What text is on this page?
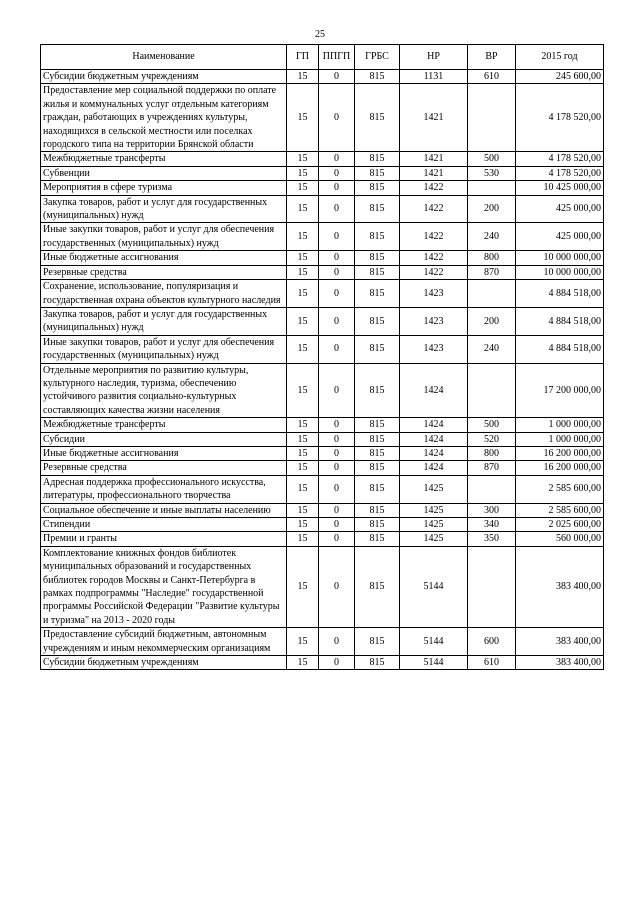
25
Наименование	ГП	ППГП	ГРБС	НР	ВР	2015 год
Субсидии бюджетным учреждениям	15	0	815	1131	610	245 600,00
Предоставление мер социальной поддержки по оплате жилья и коммунальных услуг отдельным категориям граждан, работающих в учреждениях культуры, находящихся в сельской местности или поселках городского типа на территории Брянской области	15	0	815	1421		4 178 520,00
Межбюджетные трансферты	15	0	815	1421	500	4 178 520,00
Субвенции	15	0	815	1421	530	4 178 520,00
Мероприятия в сфере туризма	15	0	815	1422		10 425 000,00
Закупка товаров, работ и услуг для государственных (муниципальных) нужд	15	0	815	1422	200	425 000,00
Иные закупки товаров, работ и услуг для обеспечения государственных (муниципальных) нужд	15	0	815	1422	240	425 000,00
Иные бюджетные ассигнования	15	0	815	1422	800	10 000 000,00
Резервные средства	15	0	815	1422	870	10 000 000,00
Сохранение, использование, популяризация и государственная охрана объектов культурного наследия	15	0	815	1423		4 884 518,00
Закупка товаров, работ и услуг для государственных (муниципальных) нужд	15	0	815	1423	200	4 884 518,00
Иные закупки товаров, работ и услуг для обеспечения государственных (муниципальных) нужд	15	0	815	1423	240	4 884 518,00
Отдельные мероприятия по развитию культуры, культурного наследия, туризма, обеспечению устойчивого развития социально-культурных составляющих качества жизни населения	15	0	815	1424		17 200 000,00
Межбюджетные трансферты	15	0	815	1424	500	1 000 000,00
Субсидии	15	0	815	1424	520	1 000 000,00
Иные бюджетные ассигнования	15	0	815	1424	800	16 200 000,00
Резервные средства	15	0	815	1424	870	16 200 000,00
Адресная поддержка профессионального искусства, литературы, профессионального творчества	15	0	815	1425		2 585 600,00
Социальное обеспечение и иные выплаты населению	15	0	815	1425	300	2 585 600,00
Стипендии	15	0	815	1425	340	2 025 600,00
Премии и гранты	15	0	815	1425	350	560 000,00
Комплектование книжных фондов библиотек муниципальных образований и государственных библиотек городов Москвы и Санкт-Петербурга в рамках подпрограммы "Наследие" государственной программы Российской Федерации "Развитие культуры и туризма" на 2013 - 2020 годы	15	0	815	5144		383 400,00
Предоставление субсидий бюджетным, автономным учреждениям и иным некоммерческим организациям	15	0	815	5144	600	383 400,00
Субсидии бюджетным учреждениям	15	0	815	5144	610	383 400,00
